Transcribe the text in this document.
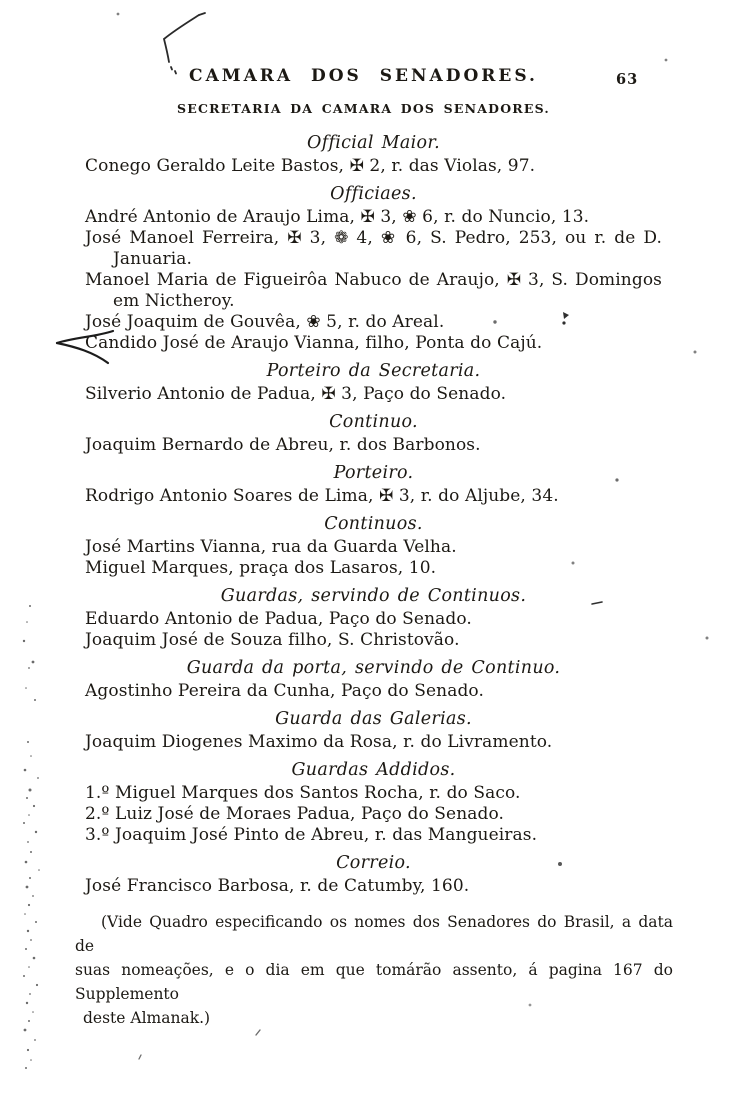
CAMARA DOS SENADORES.	63
SECRETARIA DA CAMARA DOS SENADORES.
Official Maior.
Conego Geraldo Leite Bastos, ✠ 2, r. das Violas, 97.
Officiaes.
André Antonio de Araujo Lima, ✠ 3, ❀ 6, r. do Nuncio, 13.
José Manoel Ferreira, ✠ 3, ❁ 4, ❀ 6, S. Pedro, 253, ou r. de D.
Januaria.
Manoel Maria de Figueirôa Nabuco de Araujo, ✠ 3, S. Domingos
em Nictheroy.
José Joaquim de Gouvêa, ❀ 5, r. do Areal.
Candido José de Araujo Vianna, filho, Ponta do Cajú.
Porteiro da Secretaria.
Silverio Antonio de Padua, ✠ 3, Paço do Senado.
Continuo.
Joaquim Bernardo de Abreu, r. dos Barbonos.
Porteiro.
Rodrigo Antonio Soares de Lima, ✠ 3, r. do Aljube, 34.
Continuos.
José Martins Vianna, rua da Guarda Velha.
Miguel Marques, praça dos Lasaros, 10.
Guardas, servindo de Continuos.
Eduardo Antonio de Padua, Paço do Senado.
Joaquim José de Souza filho, S. Christovão.
Guarda da porta, servindo de Continuo.
Agostinho Pereira da Cunha, Paço do Senado.
Guarda das Galerias.
Joaquim Diogenes Maximo da Rosa, r. do Livramento.
Guardas Addidos.
1.º Miguel Marques dos Santos Rocha, r. do Saco.
2.º Luiz José de Moraes Padua, Paço do Senado.
3.º Joaquim José Pinto de Abreu, r. das Mangueiras.
Correio.
José Francisco Barbosa, r. de Catumby, 160.
(Vide Quadro especificando os nomes dos Senadores do Brasil, a data de
suas nomeações, e o dia em que tomárão assento, á pagina 167 do Supplemento
deste Almanak.)
